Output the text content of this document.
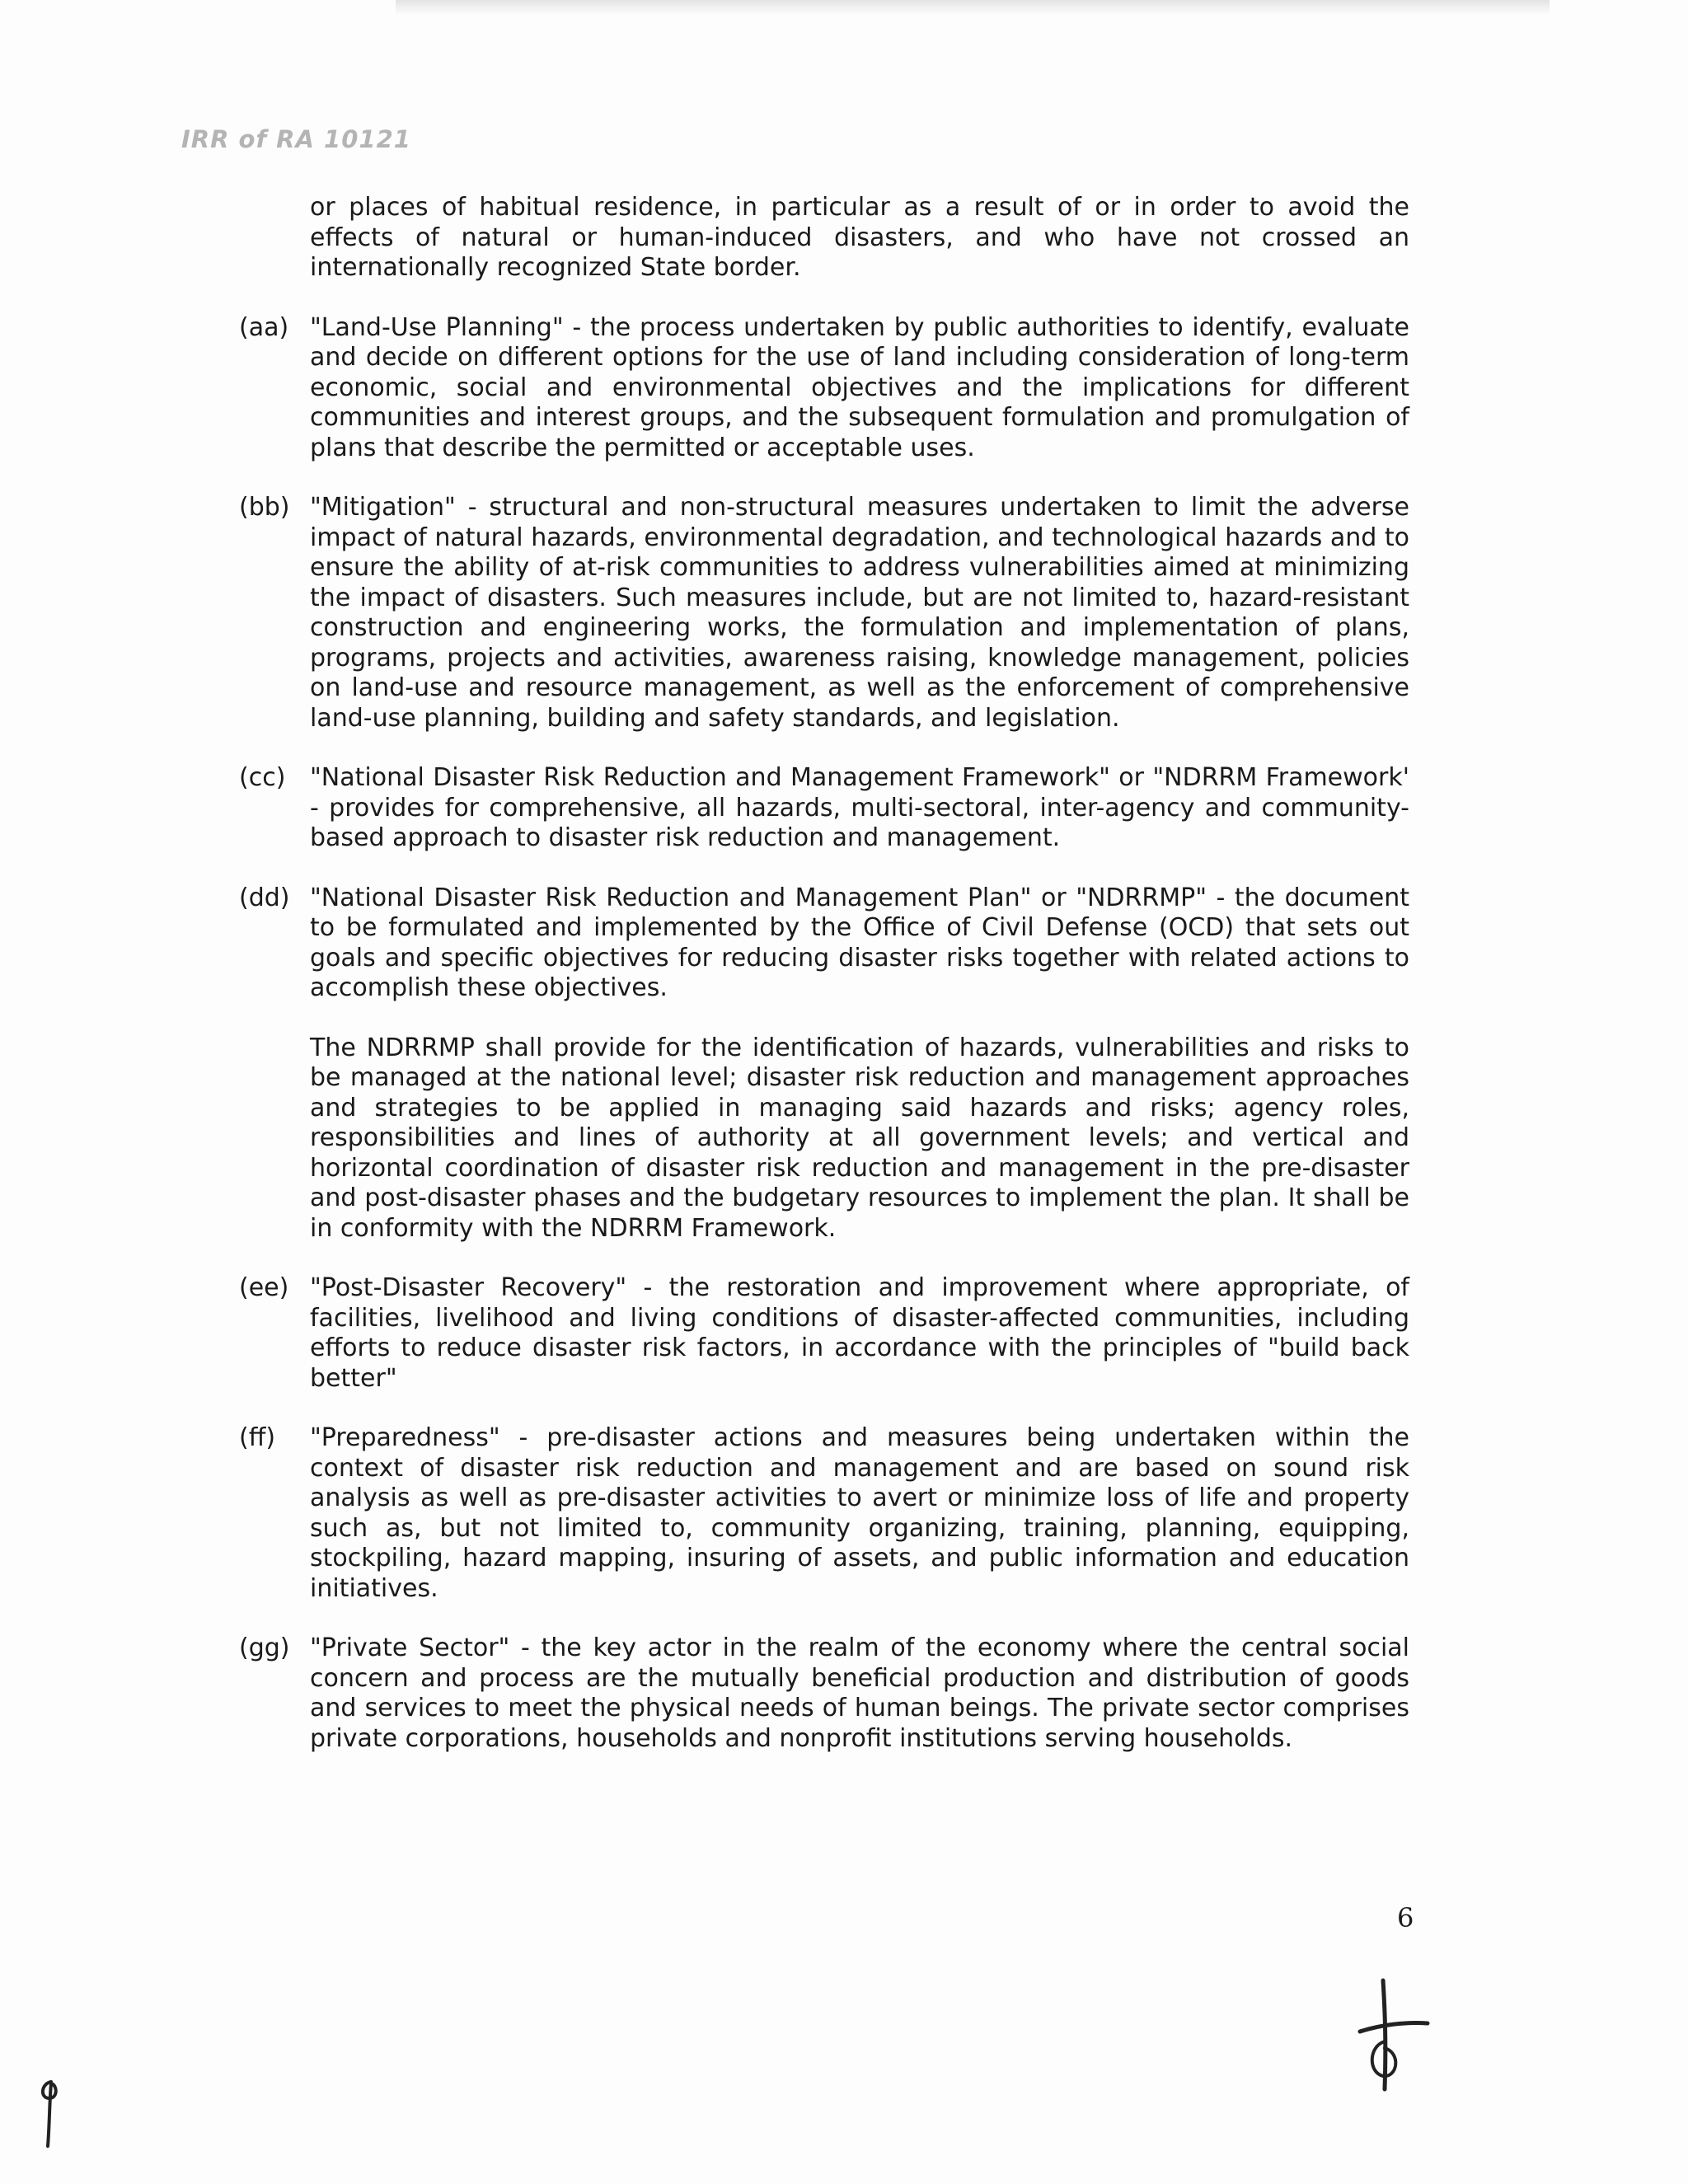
IRR of RA 10121
or places of habitual residence, in particular as a result of or in order to avoid the effects of natural or human-induced disasters, and who have not crossed an internationally recognized State border.
(aa) "Land-Use Planning" - the process undertaken by public authorities to identify, evaluate and decide on different options for the use of land including consideration of long-term economic, social and environmental objectives and the implications for different communities and interest groups, and the subsequent formulation and promulgation of plans that describe the permitted or acceptable uses.

(bb) "Mitigation" - structural and non-structural measures undertaken to limit the adverse impact of natural hazards, environmental degradation, and technological hazards and to ensure the ability of at-risk communities to address vulnerabilities aimed at minimizing the impact of disasters. Such measures include, but are not limited to, hazard-resistant construction and engineering works, the formulation and implementation of plans, programs, projects and activities, awareness raising, knowledge management, policies on land-use and resource management, as well as the enforcement of comprehensive land-use planning, building and safety standards, and legislation.

(cc) "National Disaster Risk Reduction and Management Framework" or "NDRRM Framework' - provides for comprehensive, all hazards, multi-sectoral, inter-agency and community-based approach to disaster risk reduction and management.

(dd) "National Disaster Risk Reduction and Management Plan" or "NDRRMP" - the document to be formulated and implemented by the Office of Civil Defense (OCD) that sets out goals and specific objectives for reducing disaster risks together with related actions to accomplish these objectives.

The NDRRMP shall provide for the identification of hazards, vulnerabilities and risks to be managed at the national level; disaster risk reduction and management approaches and strategies to be applied in managing said hazards and risks; agency roles, responsibilities and lines of authority at all government levels; and vertical and horizontal coordination of disaster risk reduction and management in the pre-disaster and post-disaster phases and the budgetary resources to implement the plan. It shall be in conformity with the NDRRM Framework.

(ee) "Post-Disaster Recovery" - the restoration and improvement where appropriate, of facilities, livelihood and living conditions of disaster-affected communities, including efforts to reduce disaster risk factors, in accordance with the principles of "build back better"

(ff)	"Preparedness" - pre-disaster actions and measures being undertaken within the context of disaster risk reduction and management and are based on sound risk analysis as well as pre-disaster activities to avert or minimize loss of life and property such as, but not limited to, community organizing, training, planning, equipping, stockpiling, hazard mapping, insuring of assets, and public information and education initiatives.

(gg) "Private Sector" - the key actor in the realm of the economy where the central social concern and process are the mutually beneficial production and distribution of goods and services to meet the physical needs of human beings. The private sector comprises private corporations, households and nonprofit institutions serving households.

6
